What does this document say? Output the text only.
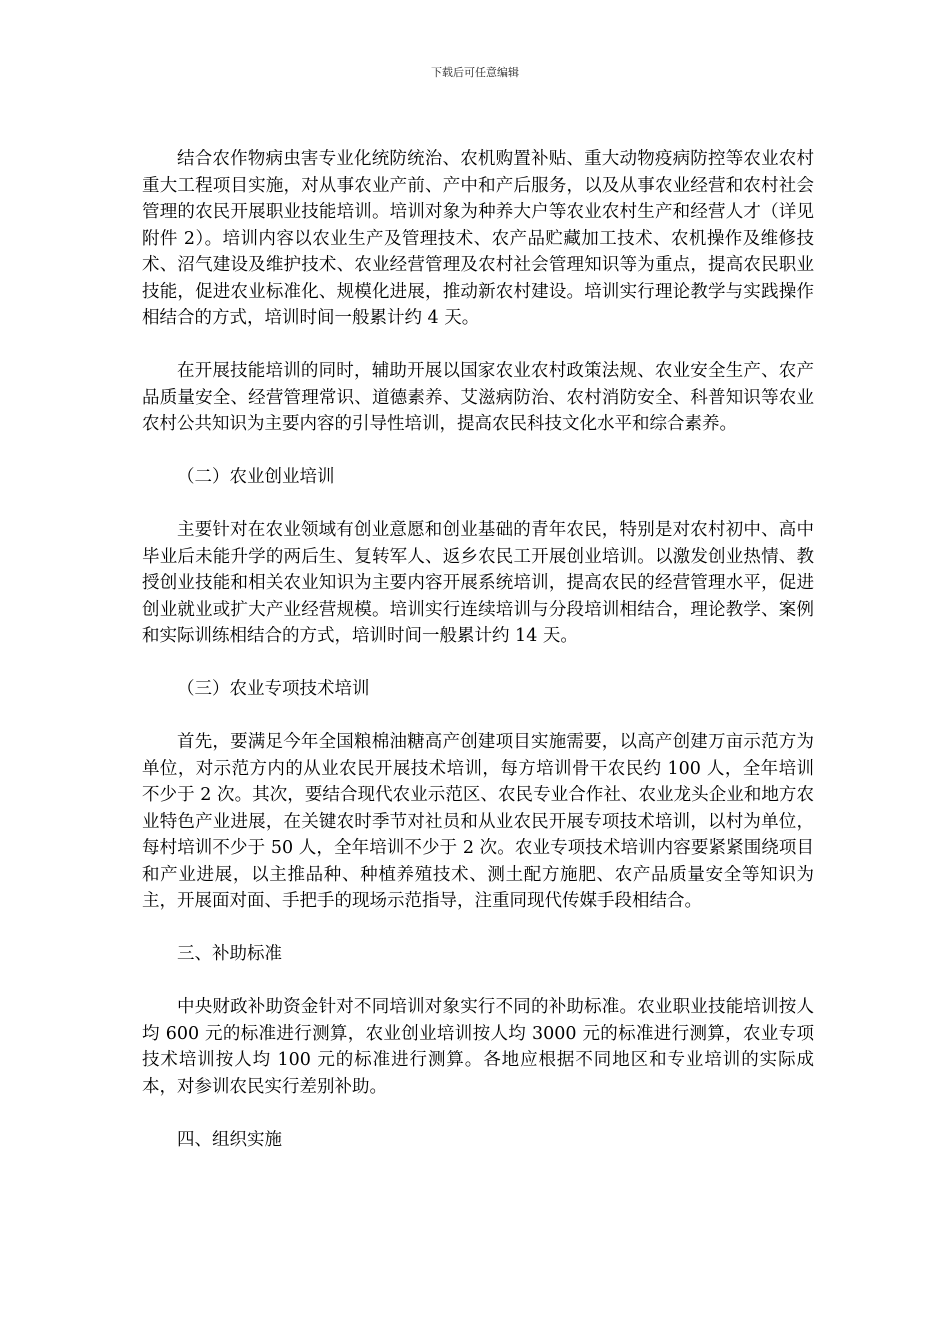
下载后可任意编辑

结合农作物病虫害专业化统防统治、农机购置补贴、重大动物疫病防控等农业农村重大工程项目实施，对从事农业产前、产中和产后服务，以及从事农业经营和农村社会管理的农民开展职业技能培训。培训对象为种养大户等农业农村生产和经营人才（详见附件 2）。培训内容以农业生产及管理技术、农产品贮藏加工技术、农机操作及维修技术、沼气建设及维护技术、农业经营管理及农村社会管理知识等为重点，提高农民职业技能，促进农业标准化、规模化进展，推动新农村建设。培训实行理论教学与实践操作相结合的方式，培训时间一般累计约 4 天。

在开展技能培训的同时，辅助开展以国家农业农村政策法规、农业安全生产、农产品质量安全、经营管理常识、道德素养、艾滋病防治、农村消防安全、科普知识等农业农村公共知识为主要内容的引导性培训，提高农民科技文化水平和综合素养。

（二）农业创业培训

主要针对在农业领域有创业意愿和创业基础的青年农民，特别是对农村初中、高中毕业后未能升学的两后生、复转军人、返乡农民工开展创业培训。以激发创业热情、教授创业技能和相关农业知识为主要内容开展系统培训，提高农民的经营管理水平，促进创业就业或扩大产业经营规模。培训实行连续培训与分段培训相结合，理论教学、案例和实际训练相结合的方式，培训时间一般累计约 14 天。

（三）农业专项技术培训

首先，要满足今年全国粮棉油糖高产创建项目实施需要，以高产创建万亩示范方为单位，对示范方内的从业农民开展技术培训，每方培训骨干农民约 100 人，全年培训不少于 2 次。其次，要结合现代农业示范区、农民专业合作社、农业龙头企业和地方农业特色产业进展，在关键农时季节对社员和从业农民开展专项技术培训，以村为单位，每村培训不少于 50 人，全年培训不少于 2 次。农业专项技术培训内容要紧紧围绕项目和产业进展，以主推品种、种植养殖技术、测土配方施肥、农产品质量安全等知识为主，开展面对面、手把手的现场示范指导，注重同现代传媒手段相结合。

三、补助标准

中央财政补助资金针对不同培训对象实行不同的补助标准。农业职业技能培训按人均 600 元的标准进行测算，农业创业培训按人均 3000 元的标准进行测算，农业专项技术培训按人均 100 元的标准进行测算。各地应根据不同地区和专业培训的实际成本，对参训农民实行差别补助。

四、组织实施
